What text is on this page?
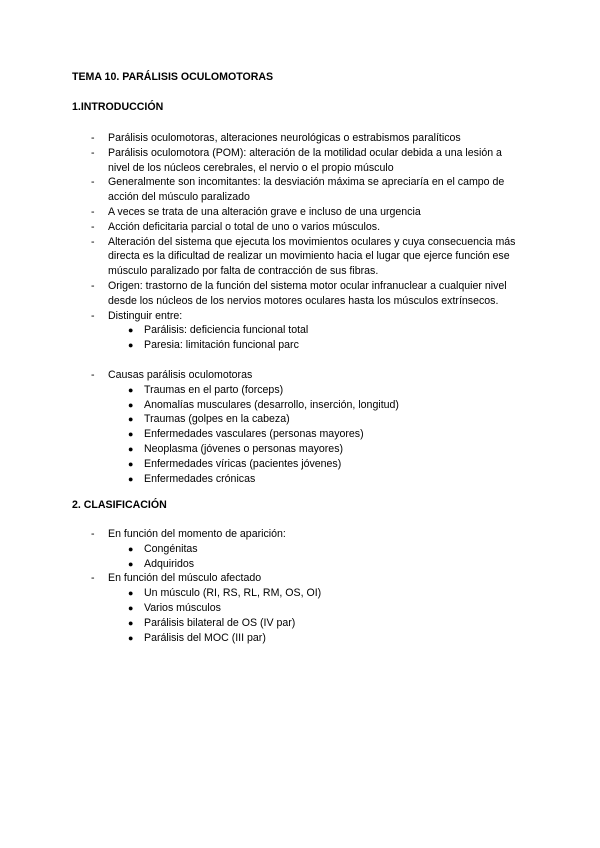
TEMA 10. PARÁLISIS OCULOMOTORAS
1.INTRODUCCIÓN
- Parálisis oculomotoras, alteraciones neurológicas o estrabismos paralíticos
- Parálisis oculomotora (POM): alteración de la motilidad ocular debida a una lesión a nivel de los núcleos cerebrales, el nervio o el propio músculo
- Generalmente son incomitantes: la desviación máxima se apreciaría en el campo de acción del músculo paralizado
- A veces se trata de una alteración grave e incluso de una urgencia
- Acción deficitaria parcial o total de uno o varios músculos.
- Alteración del sistema que ejecuta los movimientos oculares y cuya consecuencia más directa es la dificultad de realizar un movimiento hacia el lugar que ejerce función ese músculo paralizado por falta de contracción de sus fibras.
- Origen: trastorno de la función del sistema motor ocular infranuclear a cualquier nivel desde los núcleos de los nervios motores oculares hasta los músculos extrínsecos.
- Distinguir entre:
● Parálisis: deficiencia funcional total
● Paresia: limitación funcional parc
- Causas parálisis oculomotoras
● Traumas en el parto (forceps)
● Anomalías musculares (desarrollo, inserción, longitud)
● Traumas (golpes en la cabeza)
● Enfermedades vasculares (personas mayores)
● Neoplasma (jóvenes o personas mayores)
● Enfermedades víricas (pacientes jóvenes)
● Enfermedades crónicas
2. CLASIFICACIÓN
- En función del momento de aparición:
● Congénitas
● Adquiridos
- En función del músculo afectado
● Un músculo (RI, RS, RL, RM, OS, OI)
● Varios músculos
● Parálisis bilateral de OS (IV par)
● Parálisis del MOC (III par)
